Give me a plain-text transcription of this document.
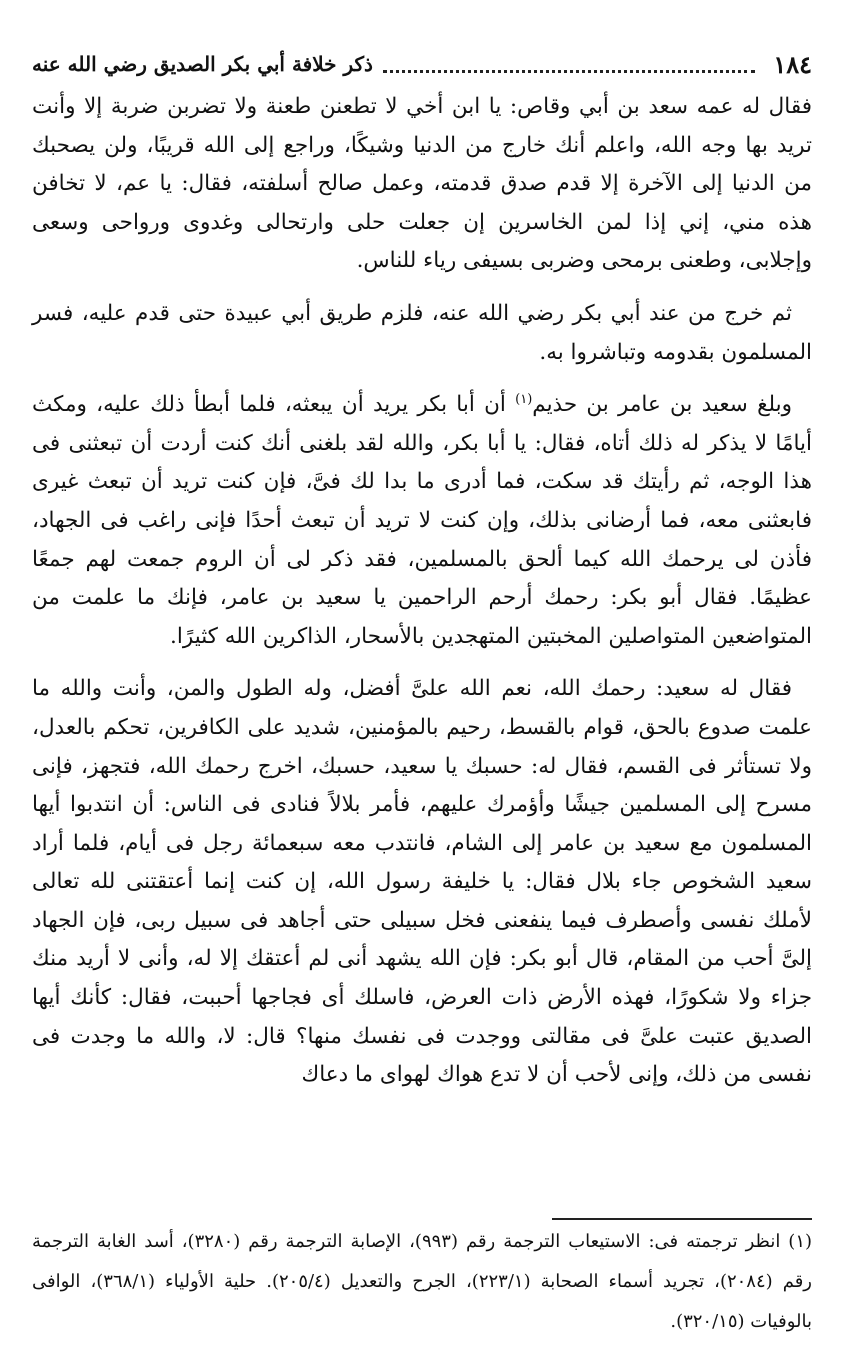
١٨٤
ذكر خلافة أبي بكر الصديق رضي الله عنه

فقال له عمه سعد بن أبي وقاص: يا ابن أخي لا تطعنن طعنة ولا تضربن ضربة إلا وأنت تريد بها وجه الله، واعلم أنك خارج من الدنيا وشيكًا، وراجع إلى الله قريبًا، ولن يصحبك من الدنيا إلى الآخرة إلا قدم صدق قدمته، وعمل صالح أسلفته، فقال: يا عم، لا تخافن هذه مني، إني إذا لمن الخاسرين إن جعلت حلى وارتحالى وغدوى ورواحى وسعى وإجلابى، وطعنى برمحى وضربى بسيفى رياء للناس.

ثم خرج من عند أبي بكر رضي الله عنه، فلزم طريق أبي عبيدة حتى قدم عليه، فسر المسلمون بقدومه وتباشروا به.

وبلغ سعيد بن عامر بن حذيم$^{(١)}$ أن أبا بكر يريد أن يبعثه، فلما أبطأ ذلك عليه، ومكث أيامًا لا يذكر له ذلك أتاه، فقال: يا أبا بكر، والله لقد بلغنى أنك كنت أردت أن تبعثنى فى هذا الوجه، ثم رأيتك قد سكت، فما أدرى ما بدا لك فىَّ، فإن كنت تريد أن تبعث غيرى فابعثنى معه، فما أرضانى بذلك، وإن كنت لا تريد أن تبعث أحدًا فإنى راغب فى الجهاد، فأذن لى يرحمك الله كيما ألحق بالمسلمين، فقد ذكر لى أن الروم جمعت لهم جمعًا عظيمًا. فقال أبو بكر: رحمك أرحم الراحمين يا سعيد بن عامر، فإنك ما علمت من المتواضعين المتواصلين المخبتين المتهجدين بالأسحار، الذاكرين الله كثيرًا.

فقال له سعيد: رحمك الله، نعم الله علىَّ أفضل، وله الطول والمن، وأنت والله ما علمت صدوع بالحق، قوام بالقسط، رحيم بالمؤمنين، شديد على الكافرين، تحكم بالعدل، ولا تستأثر فى القسم، فقال له: حسبك يا سعيد، حسبك، اخرج رحمك الله، فتجهز، فإنى مسرح إلى المسلمين جيشًا وأؤمرك عليهم، فأمر بلالاً فنادى فى الناس: أن انتدبوا أيها المسلمون مع سعيد بن عامر إلى الشام، فانتدب معه سبعمائة رجل فى أيام، فلما أراد سعيد الشخوص جاء بلال فقال: يا خليفة رسول الله، إن كنت إنما أعتقتنى لله تعالى لأملك نفسى وأصطرف فيما ينفعنى فخل سبيلى حتى أجاهد فى سبيل ربى، فإن الجهاد إلىَّ أحب من المقام، قال أبو بكر: فإن الله يشهد أنى لم أعتقك إلا له، وأنى لا أريد منك جزاء ولا شكورًا، فهذه الأرض ذات العرض، فاسلك أى فجاجها أحببت، فقال: كأنك أيها الصديق عتبت علىَّ فى مقالتى ووجدت فى نفسك منها؟ قال: لا، والله ما وجدت فى نفسى من ذلك، وإنى لأحب أن لا تدع هواك لهواى ما دعاك

(١) انظر ترجمته فى: الاستيعاب الترجمة رقم (٩٩٣)، الإصابة الترجمة رقم (٣٢٨٠)، أسد الغابة الترجمة رقم (٢٠٨٤)، تجريد أسماء الصحابة (٢٢٣/١)، الجرح والتعديل (٢٠٥/٤). حلية الأولياء (٣٦٨/١)، الوافى بالوفيات (٣٢٠/١٥).
